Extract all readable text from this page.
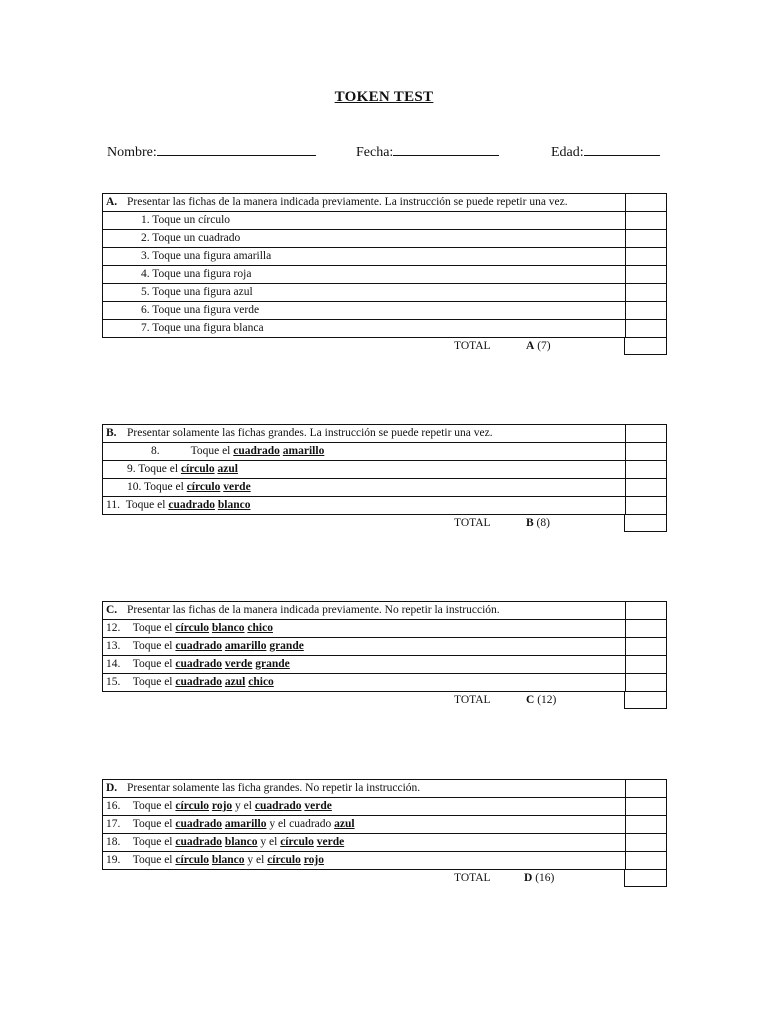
TOKEN TEST
Nombre:	Fecha:	Edad:
A. Presentar las fichas de la manera indicada previamente. La instrucción se puede repetir una vez.
1. Toque un círculo
2. Toque un cuadrado
3. Toque una figura amarilla
4. Toque una figura roja
5. Toque una figura azul
6. Toque una figura verde
7. Toque una figura blanca
TOTAL	A (7)
B. Presentar solamente las fichas grandes. La instrucción se puede repetir una vez.
8.	Toque el cuadrado amarillo
9. Toque el círculo azul
10. Toque el círculo verde
11. Toque el cuadrado blanco
TOTAL	B (8)
C. Presentar las fichas de la manera indicada previamente. No repetir la instrucción.
12. Toque el círculo blanco chico
13. Toque el cuadrado amarillo grande
14. Toque el cuadrado verde grande
15. Toque el cuadrado azul chico
TOTAL	C (12)
D. Presentar solamente las ficha grandes. No repetir la instrucción.
16. Toque el círculo rojo y el cuadrado verde
17. Toque el cuadrado amarillo y el cuadrado azul
18. Toque el cuadrado blanco y el círculo verde
19. Toque el círculo blanco y el círculo rojo
TOTAL	D (16)
